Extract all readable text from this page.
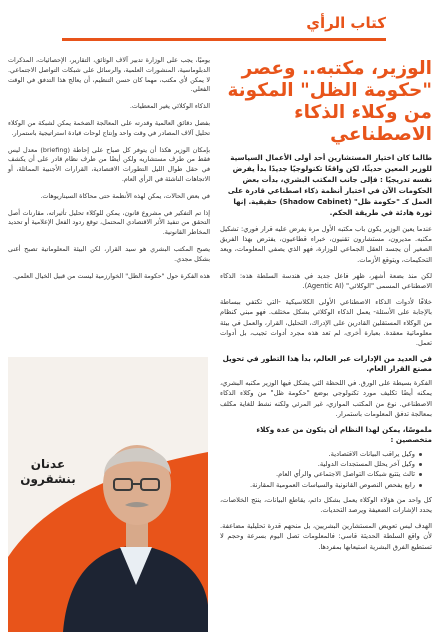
كتاب الرأي
الوزير، مكتبه.. وعصر "حكومة الظل" المكونة من وكلاء الذكاء الاصطناعي

طالما كان اختيار المستشارين أحد أولى الأعمال السياسية للوزير المعين حديثًا، لكن واقعًا تكنولوجيًا جديدًا بدأ يفرض نفسه تدريجيًا : فإلى جانب المكتب البشري، بدأت بعض الحكومات الآن في اختبار أنظمة ذكاء اصطناعي قادرة على العمل كـ "حكومة ظل" (Shadow Cabinet) حقيقية. إنها ثورة هادئة في طريقة الحكم.

عندما يعين الوزير يكون باب مكتبه الأول مرة يفرض عليه قرار فوري: تشكيل مكتبه. مديرون، مستشارون تقنيون، خبراء قطاعيون، يفترض بهذا الفريق الصغير أن يجسد العقل الجماعي للوزارة، فهو الذي يصفي المعلومات، ويعد التحكيمات، ويتوقع الأزمات.

لكن منذ بضعة أشهر، ظهر فاعل جديد في هندسة السلطة هذه: الذكاء الاصطناعي المسمى "الوكلائي" (Agentic AI).

خلافًا لأدوات الذكاء الاصطناعي الأولى الكلاسيكية -التي تكتفي ببساطة بالإجابة على الأسئلة- يعمل الذكاء الوكلائي بشكل مختلف. فهو مبني كنظام من الوكلاء المستقلين القادرين على الإدراك، التحليل، القرار، والعمل في بيئة معلوماتية معقدة. بعبارة أخرى، لم تعد هذه مجرد أدوات تجيب، بل أدوات تعمل.

في العديد من الإدارات عبر العالم، بدأ هذا التطور في تحويل مصنع القرار العام.

الفكرة بسيطة على الورق. في اللحظة التي يشكل فيها الوزير مكتبه البشري، يمكنه أيضًا تكليف مورد تكنولوجي بوضع "حكومة ظل" من وكلاء الذكاء الاصطناعي. نوع من المكتب الموازي، غير المرئي ولكنه نشط للغاية مكلف بمعالجة تدفق المعلومات باستمرار.

ملموسًا، يمكن لهذا النظام أن يتكون من عدة وكلاء متخصصين :

وكيل يراقب البيانات الاقتصادية.
وكيل آخر يحلل المستجدات الدولية.
ثالث يتتبع شبكات التواصل الاجتماعي والرأي العام.
رابع يفحص النصوص القانونية والسياسات العمومية المقارنة.

كل واحد من هؤلاء الوكلاء يعمل بشكل دائم، يقاطع البيانات، ينتج الخلاصات، يحدد الإشارات الضعيفة ويرصد التحديات.

الهدف ليس تعويض المستشارين البشريين، بل منحهم قدرة تحليلية مضاعفة. لأن واقع السلطة الحديثة قاسي: فالمعلومات تصل اليوم بسرعة وحجم لا تستطيع الفرق البشرية استيعابها بمفردها.

يوميًا، يجب على الوزارة تدبير آلاف الوثائق، التقارير، الإحصائيات، المذكرات الدبلوماسية، المنشورات العلمية، والرسائل على شبكات التواصل الاجتماعي. لا يمكن لأي مكتب، مهما كان حسن التنظيم، أن يعالج هذا التدفق في الوقت الفعلي.

الذكاء الوكلائي يغير المعطيات.

بفضل دقائق العالمية وقدرته على المعالجة الضخمة يمكن لشبكة من الوكلاء تحليل آلاف المصادر في وقت واحد وإنتاج لوحات قيادة استراتيجية باستمرار.

بإمكان الوزير هكذا أن يتوفر كل صباح على إحاطة (briefing) معدل ليس فقط من طرف مستشاريه ولكن أيضًا من طرف نظام قادر على أن يكشف في حقل طوال الليل التطورات الاقتصادية، القرارات الأجنبية المماثلة، أو الاتجاهات الناشئة في الرأي العام.

في بعض الحالات، يمكن لهذه الأنظمة حتى محاكاة السيناريوهات.

إذا تم التفكير في مشروع قانون، يمكن للوكلاء تحليل تأثيراته، مقارنات أصل التحقق من تنفيذ الأثر الاقتصادي المحتمل، توقع ردود الفعل الإعلامية أو تحديد المخاطر القانونية.

يصبح المكتب البشري هو سيد القرار، لكن البيئة المعلوماتية تصبح أغنى بشكل مجدي.

هذه الفكرة حول "حكومة الظل" الخوارزمية ليست من قبيل الخيال العلمي.

عدنان
بنشقرون
